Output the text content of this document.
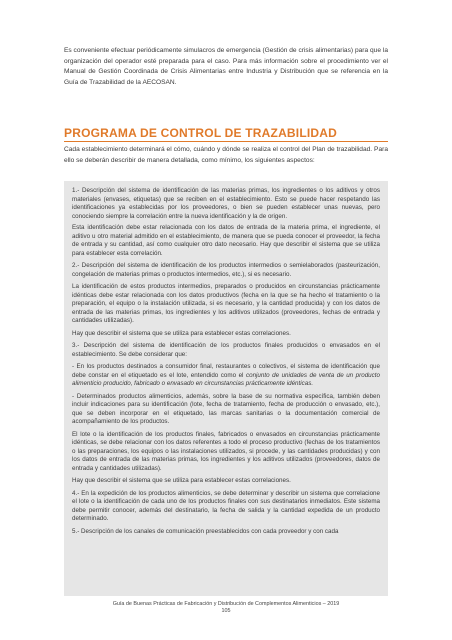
Es conveniente efectuar periódicamente simulacros de emergencia (Gestión de crisis alimentarias) para que la organización del operador esté preparada para el caso. Para más información sobre el procedimiento ver el Manual de Gestión Coordinada de Crisis Alimentarias entre Industria y Distribución que se referencia en la Guía de Trazabilidad de la AECOSAN.

PROGRAMA DE CONTROL DE TRAZABILIDAD

Cada establecimiento determinará el cómo, cuándo y dónde se realiza el control del Plan de trazabilidad. Para ello se deberán describir de manera detallada, como mínimo, los siguientes aspectos:

1.- Descripción del sistema de identificación de las materias primas, los ingredientes o los aditivos y otros materiales (envases, etiquetas) que se reciben en el establecimiento. Esto se puede hacer respetando las identificaciones ya establecidas por los proveedores, o bien se pueden establecer unas nuevas, pero conociendo siempre la correlación entre la nueva identificación y la de origen.

Esta identificación debe estar relacionada con los datos de entrada de la materia prima, el ingrediente, el aditivo u otro material admitido en el establecimiento, de manera que se pueda conocer el proveedor, la fecha de entrada y su cantidad, así como cualquier otro dato necesario. Hay que describir el sistema que se utiliza para establecer esta correlación.

2.- Descripción del sistema de identificación de los productos intermedios o semielaborados (pasteurización, congelación de materias primas o productos intermedios, etc.), si es necesario.

La identificación de estos productos intermedios, preparados o producidos en circunstancias prácticamente idénticas debe estar relacionada con los datos productivos (fecha en la que se ha hecho el tratamiento o la preparación, el equipo o la instalación utilizada, si es necesario, y la cantidad producida) y con los datos de entrada de las materias primas, los ingredientes y los aditivos utilizados (proveedores, fechas de entrada y cantidades utilizadas).

Hay que describir el sistema que se utiliza para establecer estas correlaciones.

3.- Descripción del sistema de identificación de los productos finales producidos o envasados en el establecimiento. Se debe considerar que:

- En los productos destinados a consumidor final, restaurantes o colectivos, el sistema de identificación que debe constar en el etiquetado es el lote, entendido como el conjunto de unidades de venta de un producto alimenticio producido, fabricado o envasado en circunstancias prácticamente idénticas.

- Determinados productos alimenticios, además, sobre la base de su normativa específica, también deben incluir indicaciones para su identificación (lote, fecha de tratamiento, fecha de producción o envasado, etc.), que se deben incorporar en el etiquetado, las marcas sanitarias o la documentación comercial de acompañamiento de los productos.

El lote o la identificación de los productos finales, fabricados o envasados en circunstancias prácticamente idénticas, se debe relacionar con los datos referentes a todo el proceso productivo (fechas de los tratamientos o las preparaciones, los equipos o las instalaciones utilizados, si procede, y las cantidades producidas) y con los datos de entrada de las materias primas, los ingredientes y los aditivos utilizados (proveedores, datos de entrada y cantidades utilizadas).

Hay que describir el sistema que se utiliza para establecer estas correlaciones.

4.- En la expedición de los productos alimenticios, se debe determinar y describir un sistema que correlacione el lote o la identificación de cada uno de los productos finales con sus destinatarios inmediatos. Este sistema debe permitir conocer, además del destinatario, la fecha de salida y la cantidad expedida de un producto determinado.

5.- Descripción de los canales de comunicación preestablecidos con cada proveedor y con cada

Guía de Buenas Prácticas de Fabricación y Distribución de Complementos Alimenticios – 2019
105
